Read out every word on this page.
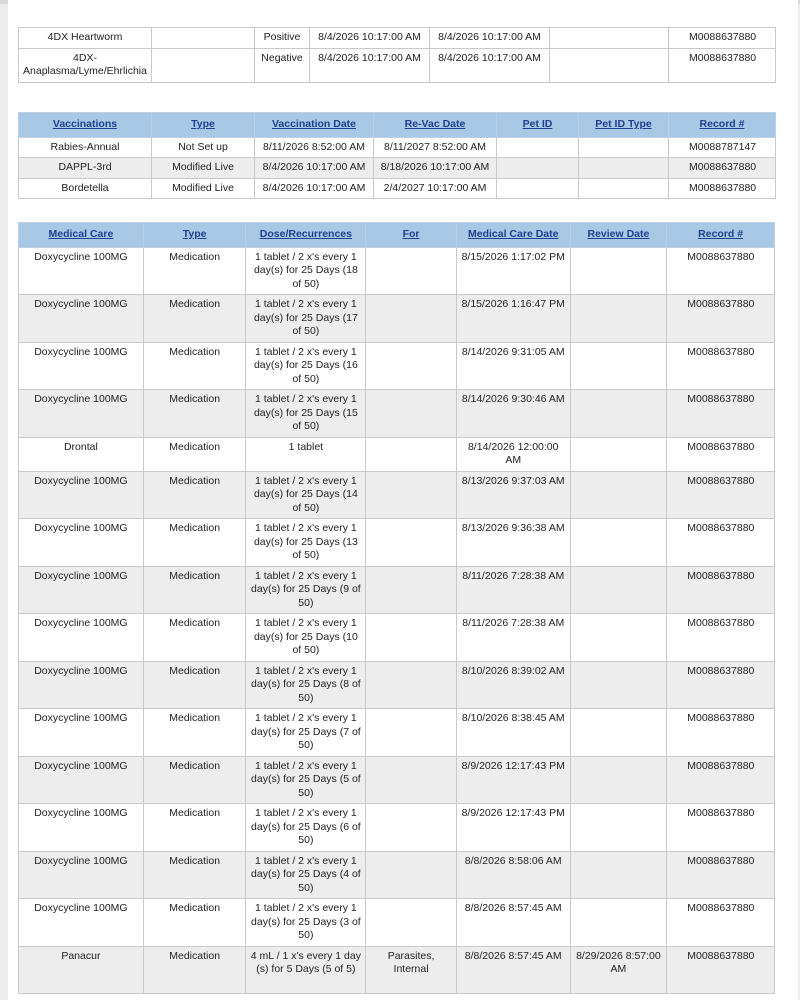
4DX Heartworm		Positive	8/4/2026 10:17:00 AM	8/4/2026 10:17:00 AM		M0088637880
4DX-Anaplasma/Lyme/Ehrlichia		Negative	8/4/2026 10:17:00 AM	8/4/2026 10:17:00 AM		M0088637880
Vaccinations	Type	Vaccination Date	Re-Vac Date	Pet ID	Pet ID Type	Record #
Rabies-Annual	Not Set up	8/11/2026 8:52:00 AM	8/11/2027 8:52:00 AM			M0088787147
DAPPL-3rd	Modified Live	8/4/2026 10:17:00 AM	8/18/2026 10:17:00 AM			M0088637880
Bordetella	Modified Live	8/4/2026 10:17:00 AM	2/4/2027 10:17:00 AM			M0088637880
Medical Care	Type	Dose/Recurrences	For	Medical Care Date	Review Date	Record #
Doxycycline 100MG	Medication	1 tablet / 2 x's every 1 day(s) for 25 Days (18 of 50)		8/15/2026 1:17:02 PM		M0088637880
Doxycycline 100MG	Medication	1 tablet / 2 x's every 1 day(s) for 25 Days (17 of 50)		8/15/2026 1:16:47 PM		M0088637880
Doxycycline 100MG	Medication	1 tablet / 2 x's every 1 day(s) for 25 Days (16 of 50)		8/14/2026 9:31:05 AM		M0088637880
Doxycycline 100MG	Medication	1 tablet / 2 x's every 1 day(s) for 25 Days (15 of 50)		8/14/2026 9:30:46 AM		M0088637880
Drontal	Medication	1 tablet		8/14/2026 12:00:00 AM		M0088637880
Doxycycline 100MG	Medication	1 tablet / 2 x's every 1 day(s) for 25 Days (14 of 50)		8/13/2026 9:37:03 AM		M0088637880
Doxycycline 100MG	Medication	1 tablet / 2 x's every 1 day(s) for 25 Days (13 of 50)		8/13/2026 9:36:38 AM		M0088637880
Doxycycline 100MG	Medication	1 tablet / 2 x's every 1 day(s) for 25 Days (9 of 50)		8/11/2026 7:28:38 AM		M0088637880
Doxycycline 100MG	Medication	1 tablet / 2 x's every 1 day(s) for 25 Days (10 of 50)		8/11/2026 7:28:38 AM		M0088637880
Doxycycline 100MG	Medication	1 tablet / 2 x's every 1 day(s) for 25 Days (8 of 50)		8/10/2026 8:39:02 AM		M0088637880
Doxycycline 100MG	Medication	1 tablet / 2 x's every 1 day(s) for 25 Days (7 of 50)		8/10/2026 8:38:45 AM		M0088637880
Doxycycline 100MG	Medication	1 tablet / 2 x's every 1 day(s) for 25 Days (5 of 50)		8/9/2026 12:17:43 PM		M0088637880
Doxycycline 100MG	Medication	1 tablet / 2 x's every 1 day(s) for 25 Days (6 of 50)		8/9/2026 12:17:43 PM		M0088637880
Doxycycline 100MG	Medication	1 tablet / 2 x's every 1 day(s) for 25 Days (4 of 50)		8/8/2026 8:58:06 AM		M0088637880
Doxycycline 100MG	Medication	1 tablet / 2 x's every 1 day(s) for 25 Days (3 of 50)		8/8/2026 8:57:45 AM		M0088637880
Panacur	Medication	4 mL / 1 x's every 1 day (s) for 5 Days (5 of 5)	Parasites, Internal	8/8/2026 8:57:45 AM	8/29/2026 8:57:00 AM	M0088637880
